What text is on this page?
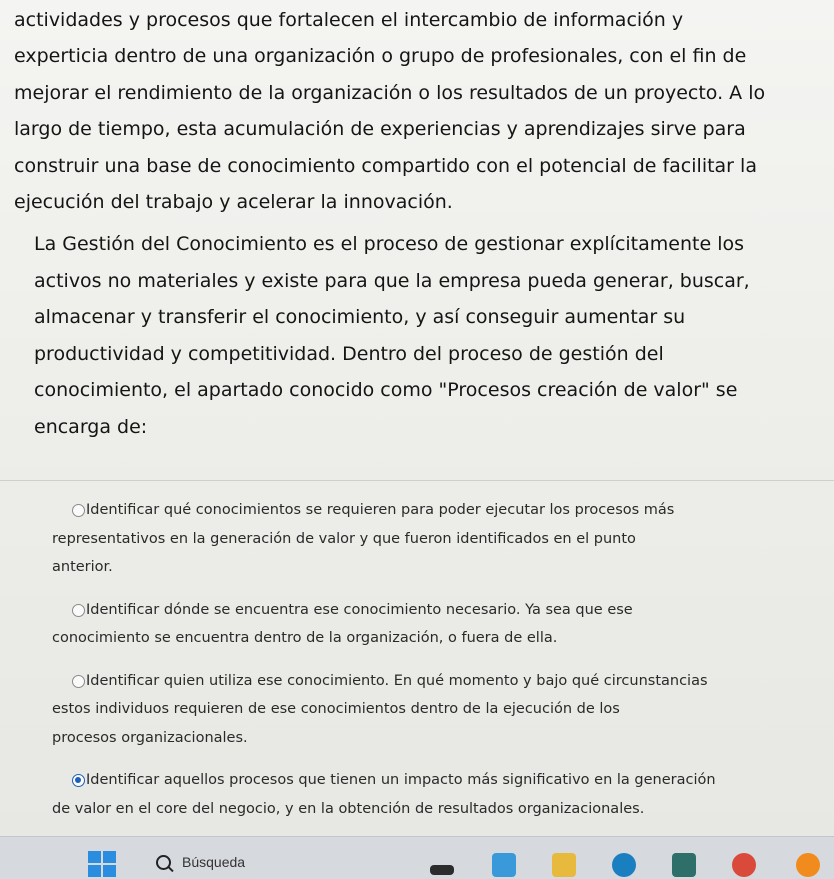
actividades y procesos que fortalecen el intercambio de información y

experticia dentro de una organización o grupo de profesionales, con el fin de

mejorar el rendimiento de la organización o los resultados de un proyecto. A lo

largo de tiempo, esta acumulación de experiencias y aprendizajes sirve para

construir una base de conocimiento compartido con el potencial de facilitar la

ejecución del trabajo y acelerar la innovación.

La Gestión del Conocimiento es el proceso de gestionar explícitamente los

activos no materiales y existe para que la empresa pueda generar, buscar,

almacenar y transferir el conocimiento, y así conseguir aumentar su

productividad y competitividad. Dentro del proceso de gestión del

conocimiento, el apartado conocido como "Procesos creación de valor" se

encarga de:

Identificar qué conocimientos se requieren para poder ejecutar los procesos más
representativos en la generación de valor y que fueron identificados en el punto
anterior.
Identificar dónde se encuentra ese conocimiento necesario. Ya sea que ese
conocimiento se encuentra dentro de la organización, o fuera de ella.
Identificar quien utiliza ese conocimiento. En qué momento y bajo qué circunstancias
estos individuos requieren de ese conocimientos dentro de la ejecución de los
procesos organizacionales.
Identificar aquellos procesos que tienen un impacto más significativo en la generación
de valor en el core del negocio, y en la obtención de resultados organizacionales.
Búsqueda
